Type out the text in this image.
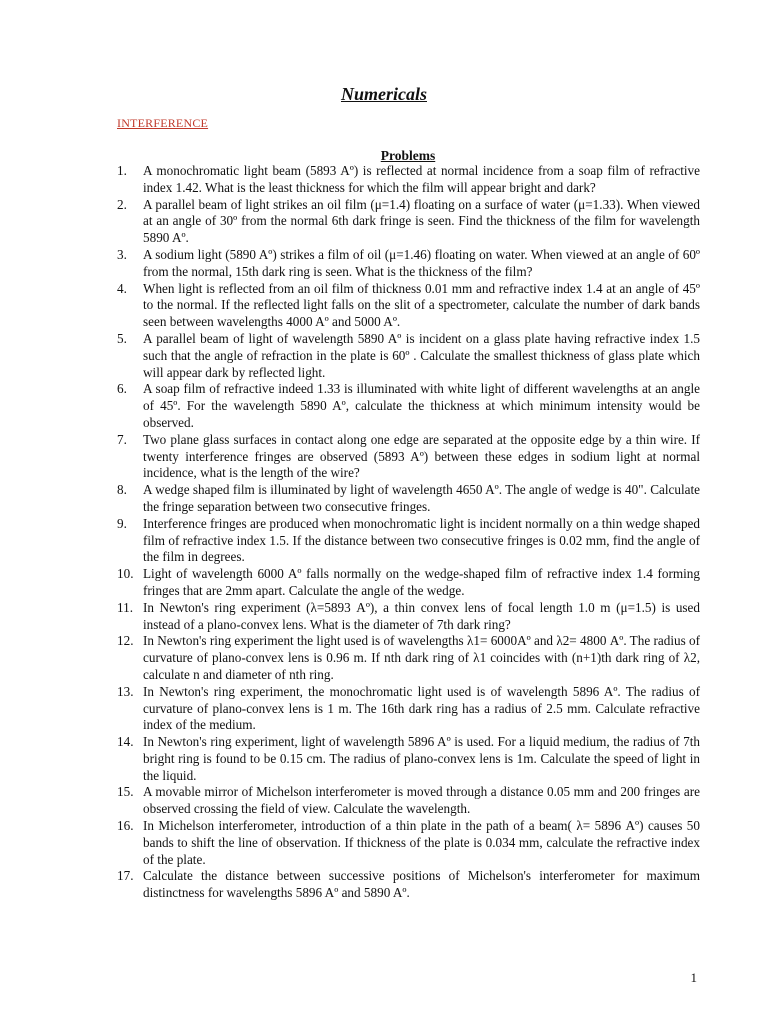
Numericals
INTERFERENCE
Problems
1.	A monochromatic light beam (5893 Aº) is reflected at normal incidence from a soap film of refractive index 1.42. What is the least thickness for which the film will appear bright and dark?
2.	A parallel beam of light strikes an oil film (μ=1.4) floating on a surface of water (μ=1.33). When viewed at an angle of 30º from the normal 6th dark fringe is seen. Find the thickness of the film for wavelength 5890 Aº.
3.	A sodium light (5890 Aº) strikes a film of oil (μ=1.46) floating on water. When viewed at an angle of 60º from the normal, 15th dark ring is seen. What is the thickness of the film?
4.	When light is reflected from an oil film of thickness 0.01 mm and refractive index 1.4 at an angle of 45º to the normal. If the reflected light falls on the slit of a spectrometer, calculate the number of dark bands seen between wavelengths 4000 Aº and 5000 Aº.
5.	A parallel beam of light of wavelength 5890 Aº is incident on a glass plate having refractive index 1.5 such that the angle of refraction in the plate is 60º . Calculate the smallest thickness of glass plate which will appear dark by reflected light.
6.	A soap film of refractive indeed 1.33 is illuminated with white light of different wavelengths at an angle of 45º. For the wavelength 5890 Aº, calculate the thickness at which minimum intensity would be observed.
7.	Two plane glass surfaces in contact along one edge are separated at the opposite edge by a thin wire. If twenty interference fringes are observed (5893 Aº) between these edges in sodium light at normal incidence, what is the length of the wire?
8.	A wedge shaped film is illuminated by light of wavelength 4650 Aº. The angle of wedge is 40". Calculate the fringe separation between two consecutive fringes.
9.	Interference fringes are produced when monochromatic light is incident normally on a thin wedge shaped film of refractive index 1.5. If the distance between two consecutive fringes is 0.02 mm, find the angle of the film in degrees.
10. Light of wavelength 6000 Aº falls normally on the wedge-shaped film of refractive index 1.4 forming fringes that are 2mm apart. Calculate the angle of the wedge.
11. In Newton's ring experiment (λ=5893 Aº), a thin convex lens of focal length 1.0 m (μ=1.5) is used instead of a plano-convex lens. What is the diameter of 7th dark ring?
12. In Newton's ring experiment the light used is of wavelengths λ1= 6000Aº and λ2= 4800 Aº. The radius of curvature of plano-convex lens is 0.96 m. If nth dark ring of λ1 coincides with (n+1)th dark ring of λ2, calculate n and diameter of nth ring.
13. In Newton's ring experiment, the monochromatic light used is of wavelength 5896 Aº. The radius of curvature of plano-convex lens is 1 m. The 16th dark ring has a radius of 2.5 mm. Calculate refractive index of the medium.
14. In Newton's ring experiment, light of wavelength 5896 Aº is used. For a liquid medium, the radius of 7th bright ring is found to be 0.15 cm. The radius of plano-convex lens is 1m. Calculate the speed of light in the liquid.
15. A movable mirror of Michelson interferometer is moved through a distance 0.05 mm and 200 fringes are observed crossing the field of view. Calculate the wavelength.
16. In Michelson interferometer, introduction of a thin plate in the path of a beam( λ= 5896 Aº) causes 50 bands to shift the line of observation. If thickness of the plate is 0.034 mm, calculate the refractive index of the plate.
17. Calculate the distance between successive positions of Michelson's interferometer for maximum distinctness for wavelengths 5896 Aº and 5890 Aº.
1
